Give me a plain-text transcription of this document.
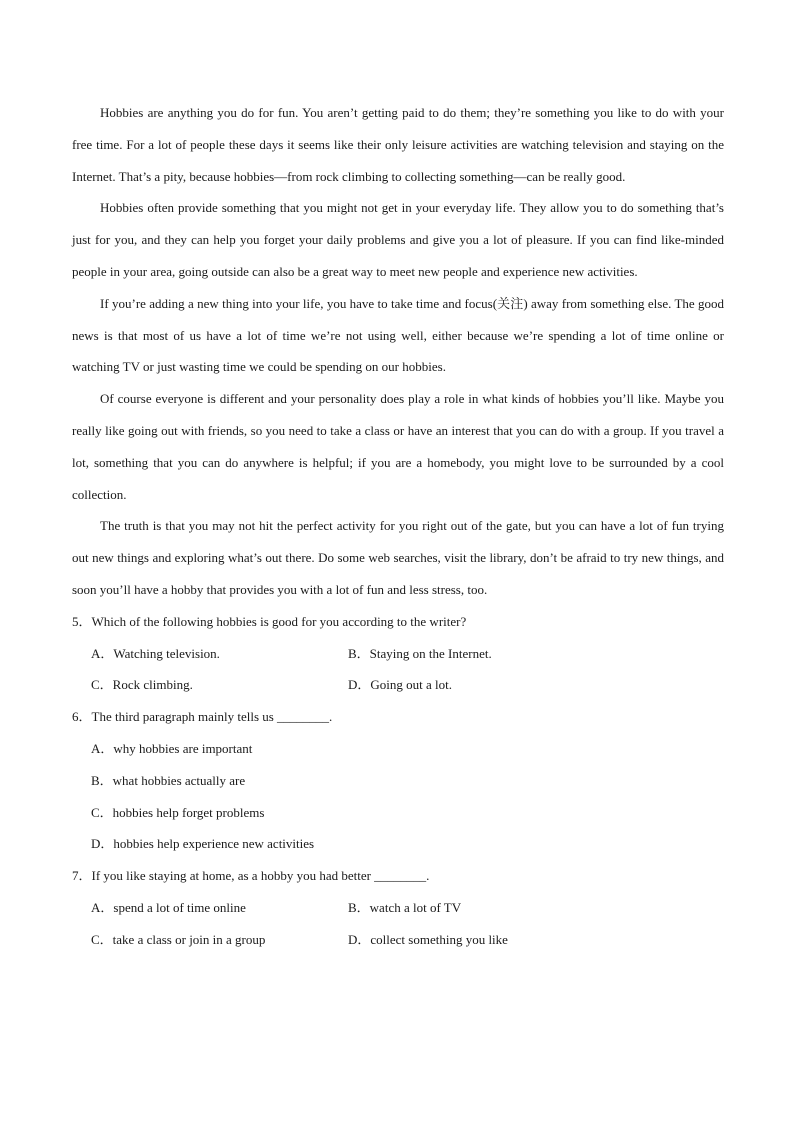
Hobbies are anything you do for fun. You aren’t getting paid to do them; they’re something you like to do with your free time. For a lot of people these days it seems like their only leisure activities are watching television and staying on the Internet. That’s a pity, because hobbies—from rock climbing to collecting something—can be really good.

Hobbies often provide something that you might not get in your everyday life. They allow you to do something that’s just for you, and they can help you forget your daily problems and give you a lot of pleasure. If you can find like-minded people in your area, going outside can also be a great way to meet new people and experience new activities.

If you’re adding a new thing into your life, you have to take time and focus(关注) away from something else. The good news is that most of us have a lot of time we’re not using well, either because we’re spending a lot of time online or watching TV or just wasting time we could be spending on our hobbies.

Of course everyone is different and your personality does play a role in what kinds of hobbies you’ll like. Maybe you really like going out with friends, so you need to take a class or have an interest that you can do with a group. If you travel a lot, something that you can do anywhere is helpful; if you are a homebody, you might love to be surrounded by a cool collection.

The truth is that you may not hit the perfect activity for you right out of the gate, but you can have a lot of fun trying out new things and exploring what’s out there. Do some web searches, visit the library, don’t be afraid to try new things, and soon you’ll have a hobby that provides you with a lot of fun and less stress, too.

5．Which of the following hobbies is good for you according to the writer?

A．Watching television.	B．Staying on the Internet.
C．Rock climbing.	D．Going out a lot.

6．The third paragraph mainly tells us ________.

A．why hobbies are important
B．what hobbies actually are
C．hobbies help forget problems
D．hobbies help experience new activities

7．If you like staying at home, as a hobby you had better ________.

A．spend a lot of time online	B．watch a lot of TV
C．take a class or join in a group	D．collect something you like
